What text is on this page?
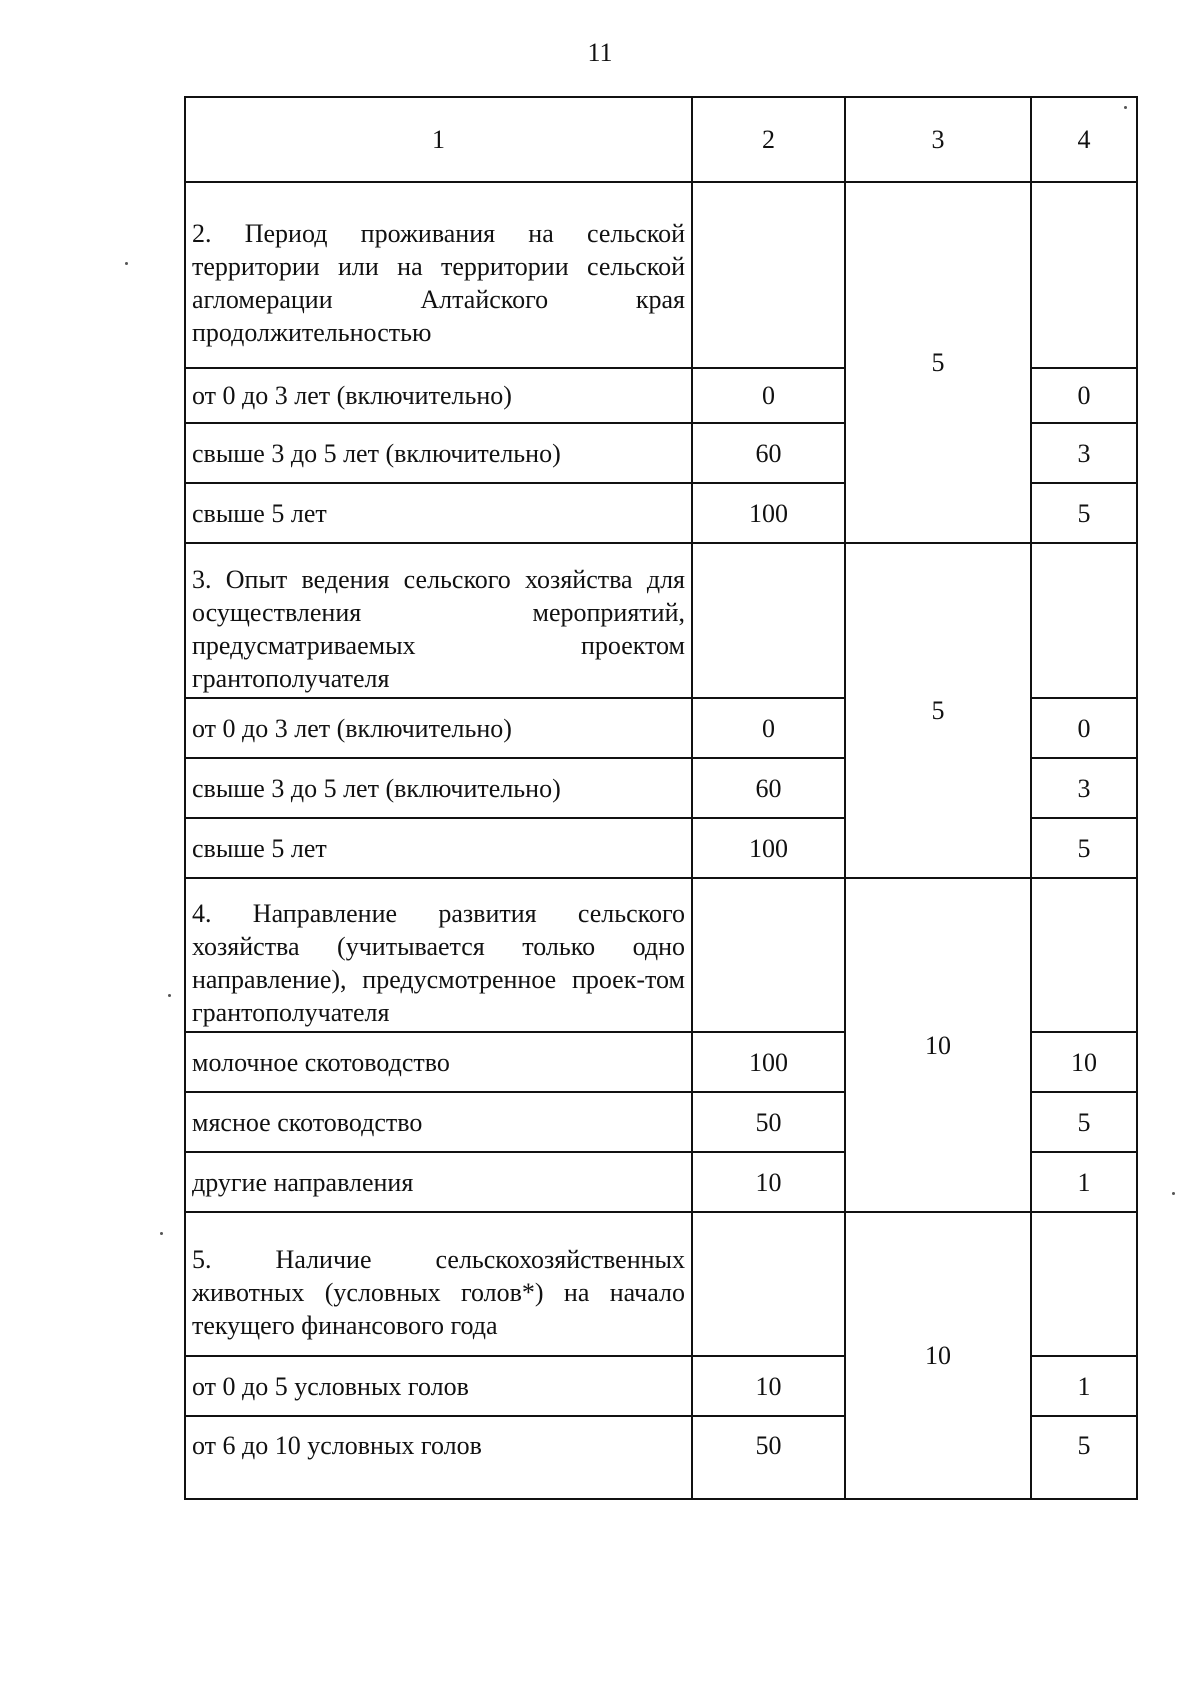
11
1	2	3	4
2. Период проживания на сельской территории или на территории сельской агломерации Алтайского края продолжительностью		5	
от 0 до 3 лет (включительно)	0		0
свыше 3 до 5 лет (включительно)	60		3
свыше 5 лет	100		5
3. Опыт ведения сельского хозяйства для осуществления мероприятий, предусматриваемых проектом грантополучателя		5	
от 0 до 3 лет (включительно)	0		0
свыше 3 до 5 лет (включительно)	60		3
свыше 5 лет	100		5
4. Направление развития сельского хозяйства (учитывается только одно направление), предусмотренное проек-том грантополучателя		10	
молочное скотоводство	100		10
мясное скотоводство	50		5
другие направления	10		1
5. Наличие сельскохозяйственных животных (условных голов*) на начало текущего финансового года		10	
от 0 до 5 условных голов	10		1
от 6 до 10 условных голов	50		5
